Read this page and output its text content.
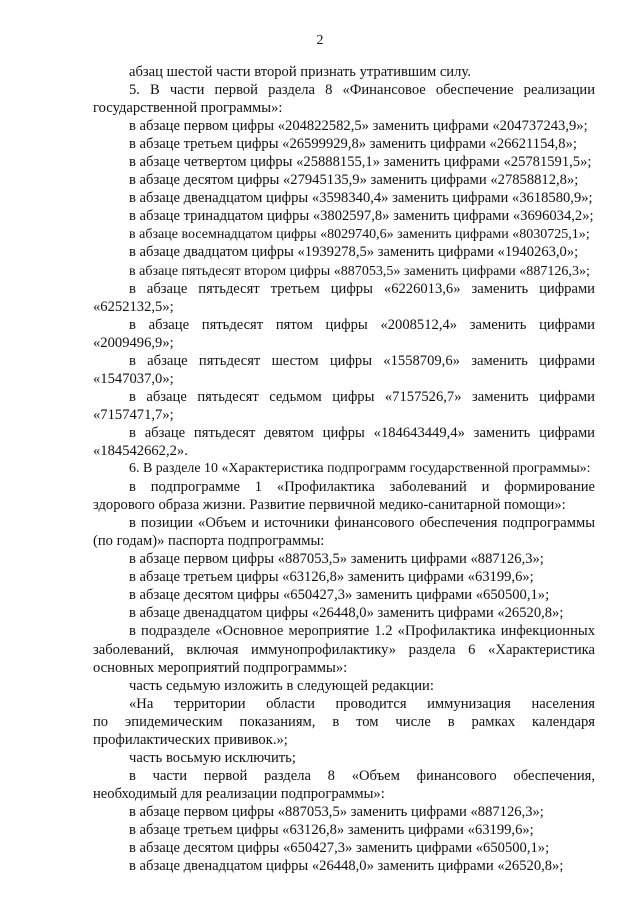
2
абзац шестой части второй признать утратившим силу.
5. В части первой раздела 8 «Финансовое обеспечение реализации
государственной программы»:
в абзаце первом цифры «204822582,5» заменить цифрами «204737243,9»;
в абзаце третьем цифры «26599929,8» заменить цифрами «26621154,8»;
в абзаце четвертом цифры «25888155,1» заменить цифрами «25781591,5»;
в абзаце десятом цифры «27945135,9» заменить цифрами «27858812,8»;
в абзаце двенадцатом цифры «3598340,4» заменить цифрами «3618580,9»;
в абзаце тринадцатом цифры «3802597,8» заменить цифрами «3696034,2»;
в абзаце восемнадцатом цифры «8029740,6» заменить цифрами «8030725,1»;
в абзаце двадцатом цифры «1939278,5» заменить цифрами «1940263,0»;
в абзаце пятьдесят втором цифры «887053,5» заменить цифрами «887126,3»;
в абзаце пятьдесят третьем цифры «6226013,6» заменить цифрами
«6252132,5»;
в абзаце пятьдесят пятом цифры «2008512,4» заменить цифрами
«2009496,9»;
в абзаце пятьдесят шестом цифры «1558709,6» заменить цифрами
«1547037,0»;
в абзаце пятьдесят седьмом цифры «7157526,7» заменить цифрами
«7157471,7»;
в абзаце пятьдесят девятом цифры «184643449,4» заменить цифрами
«184542662,2».
6. В разделе 10 «Характеристика подпрограмм государственной программы»:
в подпрограмме 1 «Профилактика заболеваний и формирование
здорового образа жизни. Развитие первичной медико-санитарной помощи»:
в позиции «Объем и источники финансового обеспечения подпрограммы
(по годам)» паспорта подпрограммы:
в абзаце первом цифры «887053,5» заменить цифрами «887126,3»;
в абзаце третьем цифры «63126,8» заменить цифрами «63199,6»;
в абзаце десятом цифры «650427,3» заменить цифрами «650500,1»;
в абзаце двенадцатом цифры «26448,0» заменить цифрами «26520,8»;
в подразделе «Основное мероприятие 1.2 «Профилактика инфекционных
заболеваний, включая иммунопрофилактику» раздела 6 «Характеристика
основных мероприятий подпрограммы»:
часть седьмую изложить в следующей редакции:
«На территории области проводится иммунизация населения
по эпидемическим показаниям, в том числе в рамках календаря
профилактических прививок.»;
часть восьмую исключить;
в части первой раздела 8 «Объем финансового обеспечения,
необходимый для реализации подпрограммы»:
в абзаце первом цифры «887053,5» заменить цифрами «887126,3»;
в абзаце третьем цифры «63126,8» заменить цифрами «63199,6»;
в абзаце десятом цифры «650427,3» заменить цифрами «650500,1»;
в абзаце двенадцатом цифры «26448,0» заменить цифрами «26520,8»;
